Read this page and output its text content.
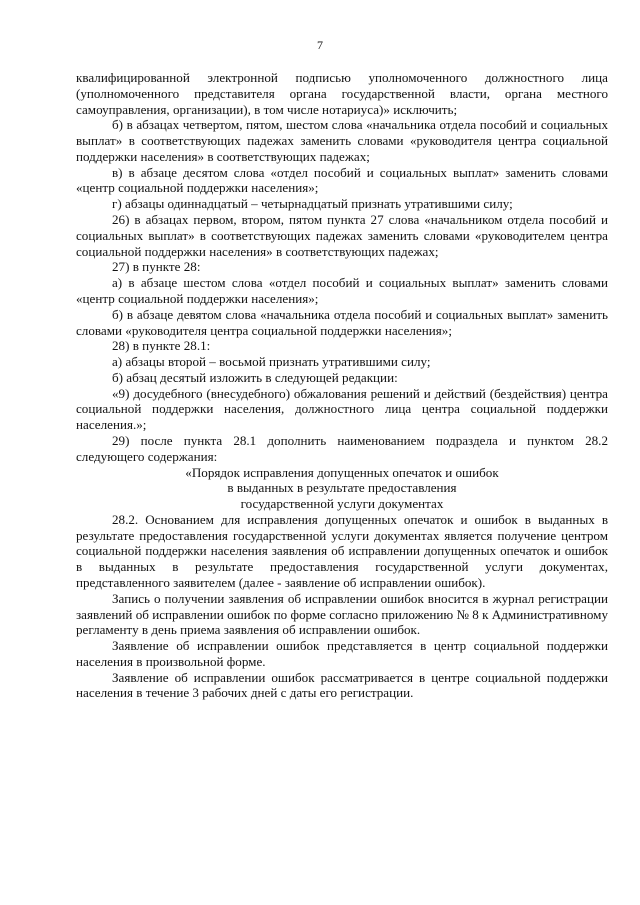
7

квалифицированной электронной подписью уполномоченного должностного лица (уполномоченного представителя органа государственной власти, органа местного самоуправления, организации), в том числе нотариуса)» исключить;

б) в абзацах четвертом, пятом, шестом слова «начальника отдела пособий и социальных выплат» в соответствующих падежах заменить словами «руководителя центра социальной поддержки населения» в соответствующих падежах;

в) в абзаце десятом слова «отдел пособий и социальных выплат» заменить словами «центр социальной поддержки населения»;

г) абзацы одиннадцатый – четырнадцатый признать утратившими силу;

26) в абзацах первом, втором, пятом пункта 27 слова «начальником отдела пособий и социальных выплат» в соответствующих падежах заменить словами «руководителем центра социальной поддержки населения» в соответствующих падежах;

27) в пункте 28:

а) в абзаце шестом слова «отдел пособий и социальных выплат» заменить словами «центр социальной поддержки населения»;

б) в абзаце девятом слова «начальника отдела пособий и социальных выплат» заменить словами «руководителя центра социальной поддержки населения»;

28) в пункте 28.1:

а) абзацы второй – восьмой признать утратившими силу;

б) абзац десятый изложить в следующей редакции:

«9) досудебного (внесудебного) обжалования решений и действий (бездействия) центра социальной поддержки населения, должностного лица центра социальной поддержки населения.»;

29) после пункта 28.1 дополнить наименованием подраздела и пунктом 28.2 следующего содержания:

«Порядок исправления допущенных опечаток и ошибок

в выданных в результате предоставления

государственной услуги документах

28.2. Основанием для исправления допущенных опечаток и ошибок в выданных в результате предоставления государственной услуги документах является получение центром социальной поддержки населения заявления об исправлении допущенных опечаток и ошибок в выданных в результате предоставления государственной услуги документах, представленного заявителем (далее - заявление об исправлении ошибок).

Запись о получении заявления об исправлении ошибок вносится в журнал регистрации заявлений об исправлении ошибок по форме согласно приложению № 8 к Административному регламенту в день приема заявления об исправлении ошибок.

Заявление об исправлении ошибок представляется в центр социальной поддержки населения в произвольной форме.

Заявление об исправлении ошибок рассматривается в центре социальной поддержки населения в течение 3 рабочих дней с даты его регистрации.
